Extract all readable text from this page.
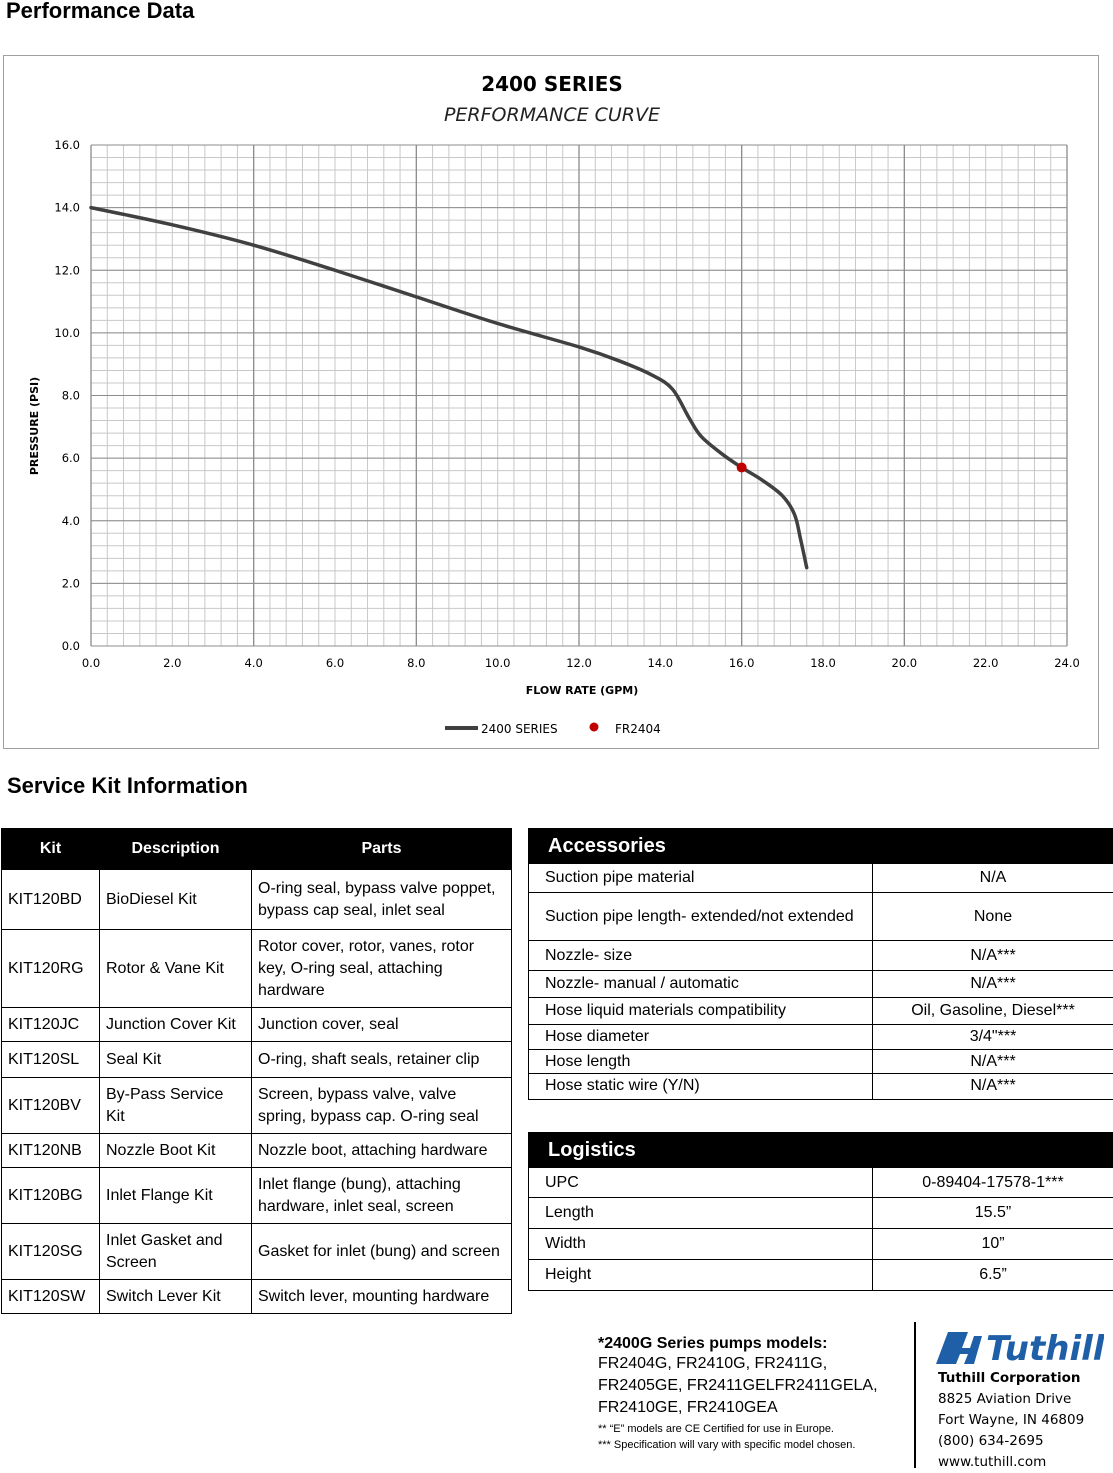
Performance Data
2400 SERIES
PERFORMANCE CURVE
0.0	2.0	4.0	6.0	8.0	10.0	12.0	14.0	16.0	18.0	20.0	22.0	24.0
0.0
2.0
4.0
6.0
8.0
10.0
12.0
14.0
16.0
FLOW RATE (GPM)
PRESSURE (PSI)
2400 SERIES	FR2404
Service Kit Information
Kit	Description	Parts
KIT120BD	BioDiesel Kit	O-ring seal, bypass valve poppet, bypass cap seal, inlet seal
KIT120RG	Rotor & Vane Kit	Rotor cover, rotor, vanes, rotor key, O-ring seal, attaching hardware
KIT120JC	Junction Cover Kit	Junction cover, seal
KIT120SL	Seal Kit	O-ring, shaft seals, retainer clip
KIT120BV	By-Pass Service Kit	Screen, bypass valve, valve spring, bypass cap. O-ring seal
KIT120NB	Nozzle Boot Kit	Nozzle boot, attaching hardware
KIT120BG	Inlet Flange Kit	Inlet flange (bung), attaching hardware, inlet seal, screen
KIT120SG	Inlet Gasket and Screen	Gasket for inlet (bung) and screen
KIT120SW	Switch Lever Kit	Switch lever, mounting hardware
Accessories
Suction pipe material	N/A
Suction pipe length- extended/not extended	None
Nozzle- size	N/A***
Nozzle- manual / automatic	N/A***
Hose liquid materials compatibility	Oil, Gasoline, Diesel***
Hose diameter	3/4"***
Hose length	N/A***
Hose static wire (Y/N)	N/A***
Logistics
UPC	0-89404-17578-1***
Length	15.5”
Width	10”
Height	6.5”
*2400G Series pumps models:
FR2404G, FR2410G, FR2411G, FR2405GE, FR2411GELFR2411GELA, FR2410GE, FR2410GEA
** “E” models are CE Certified for use in Europe.
*** Specification will vary with specific model chosen.
Tuthill
Tuthill Corporation
8825 Aviation Drive
Fort Wayne, IN 46809
(800) 634-2695
www.tuthill.com
